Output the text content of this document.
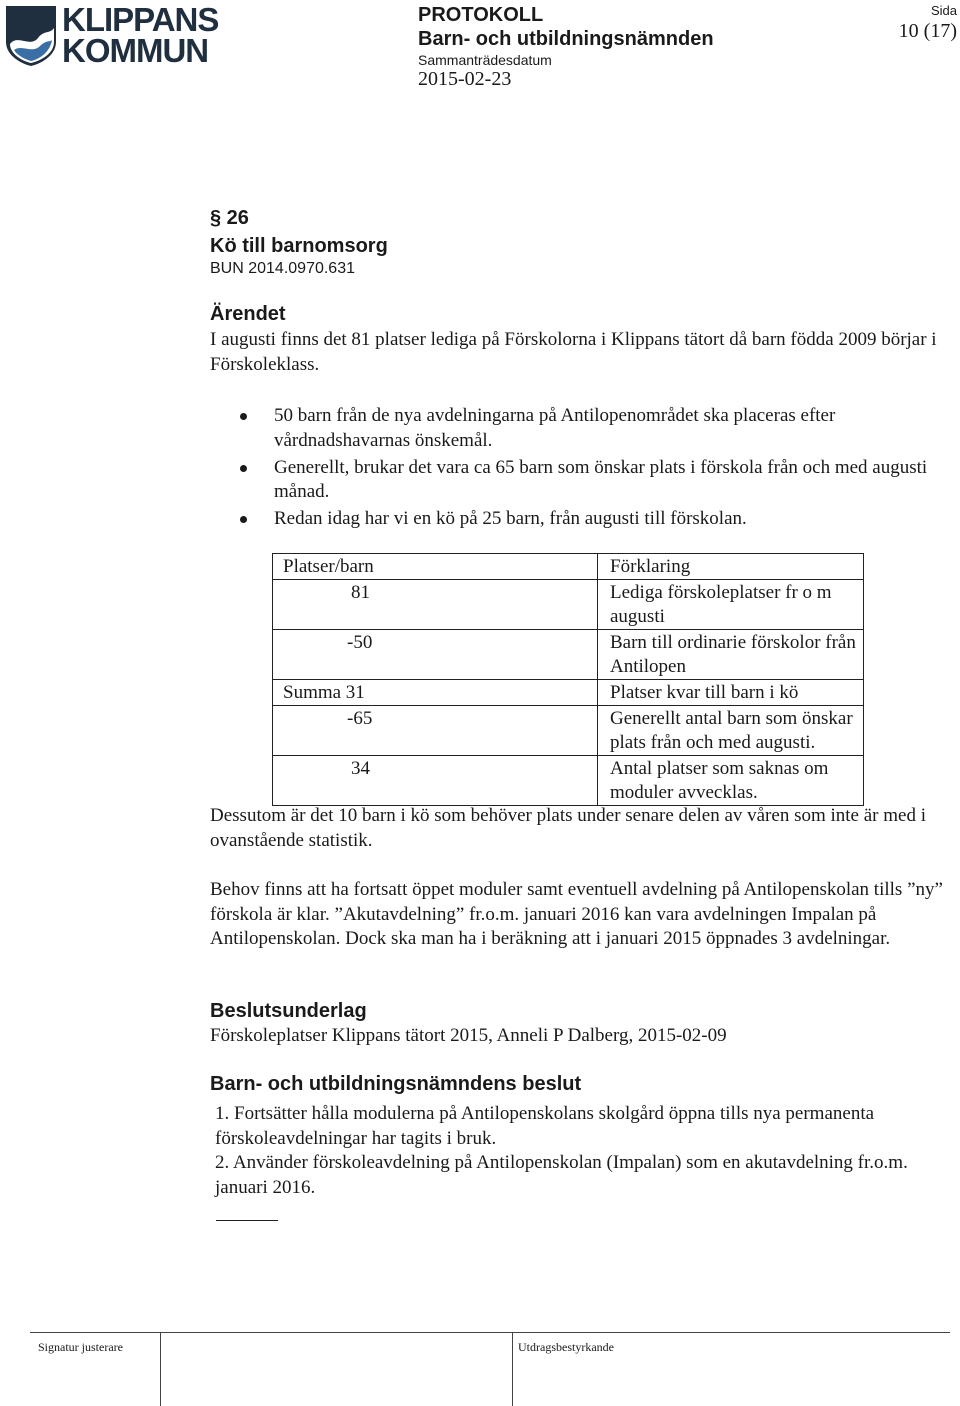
KLIPPANS
KOMMUN
PROTOKOLL
Barn- och utbildningsnämnden
Sammanträdesdatum
2015-02-23
Sida
10 (17)
§ 26
Kö till barnomsorg
BUN 2014.0970.631
Ärendet

I augusti finns det 81 platser lediga på Förskolorna i Klippans tätort då barn födda 2009 börjar i Förskoleklass.

50 barn från de nya avdelningarna på Antilopenområdet ska placeras efter vårdnadshavarnas önskemål.
Generellt, brukar det vara ca 65 barn som önskar plats i förskola från och med augusti månad.
Redan idag har vi en kö på 25 barn, från augusti till förskolan.
Platser/barn	Förklaring
81	Lediga förskoleplatser fr o m augusti
-50	Barn till ordinarie förskolor från Antilopen
Summa 31	Platser kvar till barn i kö
-65	Generellt antal barn som önskar plats från och med augusti.
34	Antal platser som saknas om moduler avvecklas.

Dessutom är det 10 barn i kö som behöver plats under senare delen av våren som inte är med i ovanstående statistik.

Behov finns att ha fortsatt öppet moduler samt eventuell avdelning på Antilopenskolan tills ”ny” förskola är klar. ”Akutavdelning” fr.o.m. januari 2016 kan vara avdelningen Impalan på Antilopenskolan. Dock ska man ha i beräkning att i januari 2015 öppnades 3 avdelningar.

Beslutsunderlag

Förskoleplatser Klippans tätort 2015, Anneli P Dalberg, 2015-02-09

Barn- och utbildningsnämndens beslut

1. Fortsätter hålla modulerna på Antilopenskolans skolgård öppna tills nya permanenta förskoleavdelningar har tagits i bruk.

2. Använder förskoleavdelning på Antilopenskolan (Impalan) som en akutavdelning fr.o.m. januari 2016.

Signatur justerare	Utdragsbestyrkande
